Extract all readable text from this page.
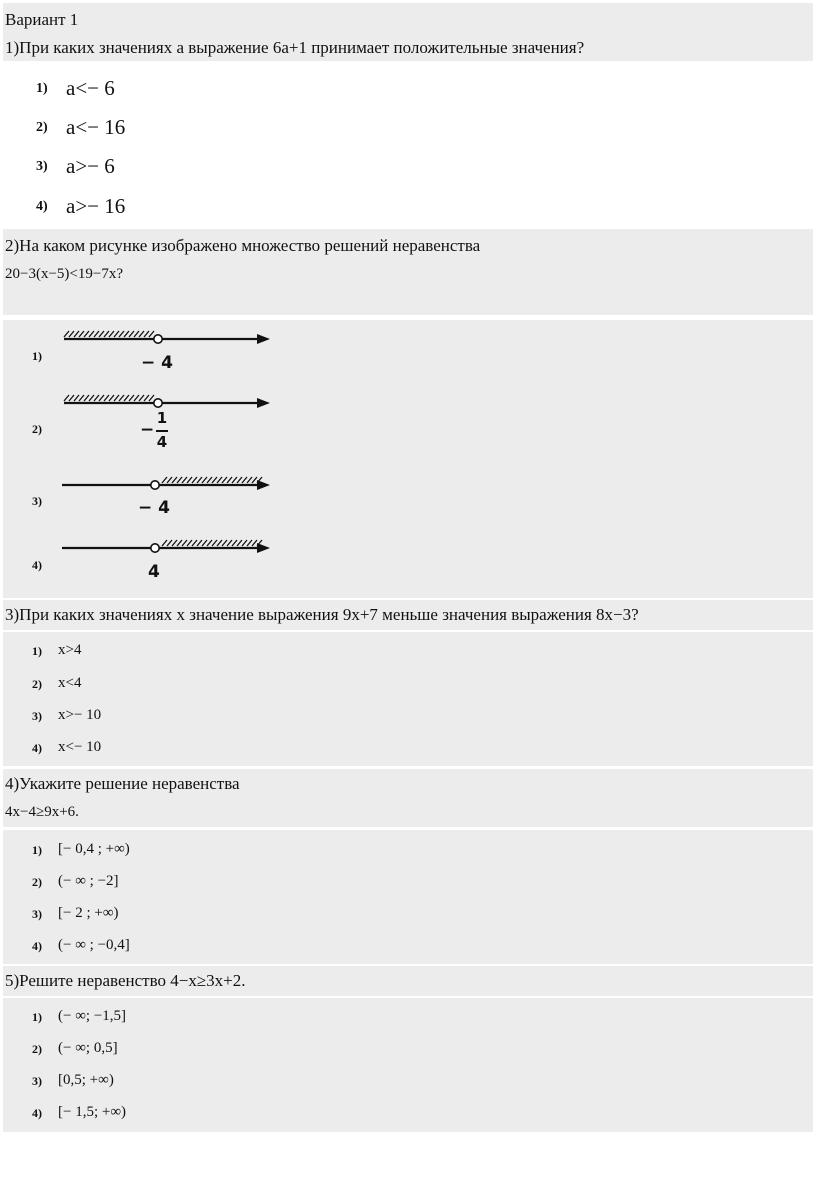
Вариант 1
1)При каких значениях а выражение 6а+1 принимает положительные значения?
1) a<− 6
2) a<− 16
3) a>− 6
4) a>− 16
2)На каком рисунке изображено множество решений неравенства
20−3(x−5)<19−7x?
1)	− 4
2)	−
1
4
3)	− 4
4)	4
3)При каких значениях x значение выражения 9x+7 меньше значения выражения 8x−3?
1) x>4
2) x<4
3) x>− 10
4) x<− 10
4)Укажите решение неравенства
4x−4≥9x+6.
1) [− 0,4 ; +∞)
2) (− ∞ ; −2]
3) [− 2 ; +∞)
4) (− ∞ ; −0,4]
5)Решите неравенство 4−x≥3x+2.
1) (− ∞; −1,5]
2) (− ∞; 0,5]
3) [0,5; +∞)
4) [− 1,5; +∞)
